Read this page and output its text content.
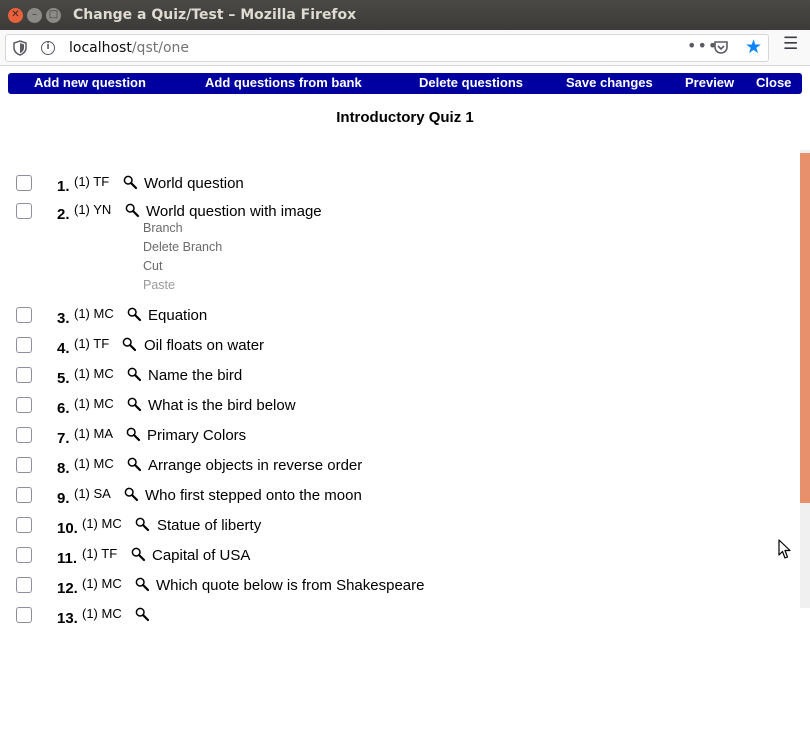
✕	–	□ Change a Quiz/Test – Mozilla Firefox
i	localhost/qst/one	••• ★ ☰
Add new question	Add questions from bank	Delete questions	Save changes Preview Close
Introductory Quiz 1
1. (1) TF World question
2. (1) YN World question with image
3. (1) MC Equation
4. (1) TF Oil floats on water
5. (1) MC Name the bird
6. (1) MC What is the bird below
7. (1) MA Primary Colors
8. (1) MC Arrange objects in reverse order
9. (1) SA Who first stepped onto the moon
10. (1) MC Statue of liberty
11. (1) TF Capital of USA
12. (1) MC Which quote below is from Shakespeare
13. (1) MC
Branch
Delete Branch
Cut
Paste
